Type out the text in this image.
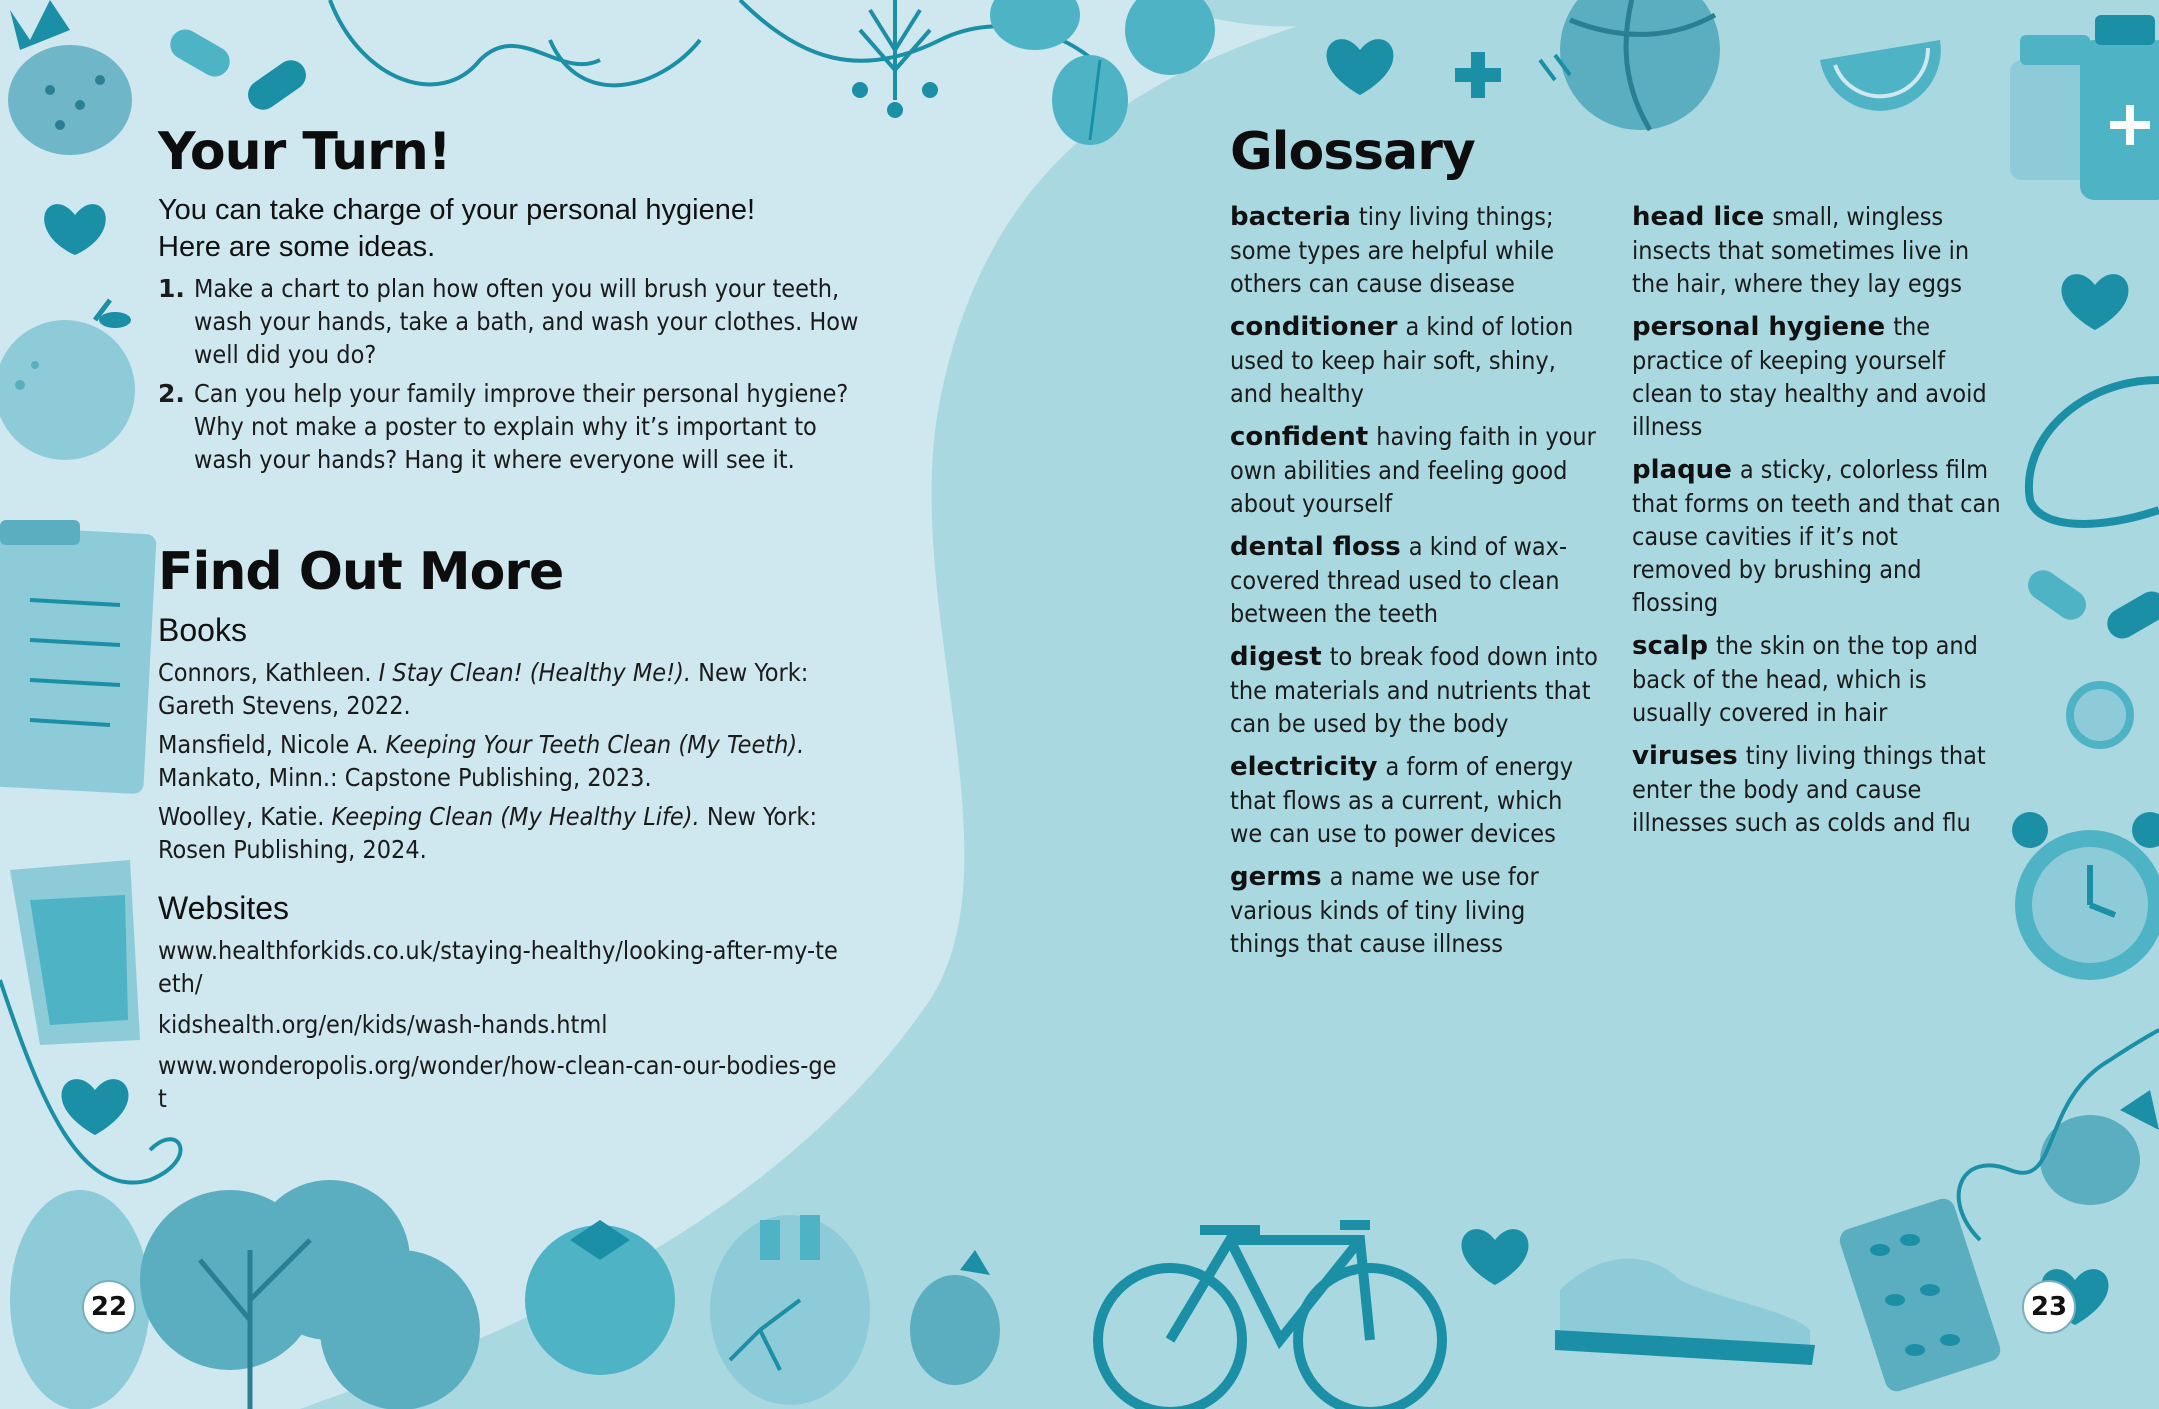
Your Turn!
You can take charge of your personal hygiene!
Here are some ideas.
1. Make a chart to plan how often you will brush your teeth, wash your hands, take a bath, and wash your clothes. How well did you do?
2. Can you help your family improve their personal hygiene? Why not make a poster to explain why it’s important to wash your hands? Hang it where everyone will see it.
Find Out More
Books
Connors, Kathleen. I Stay Clean! (Healthy Me!). New York: Gareth Stevens, 2022.
Mansfield, Nicole A. Keeping Your Teeth Clean (My Teeth). Mankato, Minn.: Capstone Publishing, 2023.
Woolley, Katie. Keeping Clean (My Healthy Life). New York: Rosen Publishing, 2024.
Websites
www.healthforkids.co.uk/staying-healthy/looking-after-my-teeth/
kidshealth.org/en/kids/wash-hands.html
www.wonderopolis.org/wonder/how-clean-can-our-bodies-get
22
Glossary
bacteria tiny living things; some types are helpful while others can cause disease
conditioner a kind of lotion used to keep hair soft, shiny, and healthy
confident having faith in your own abilities and feeling good about yourself
dental floss a kind of wax-covered thread used to clean between the teeth
digest to break food down into the materials and nutrients that can be used by the body
electricity a form of energy that flows as a current, which we can use to power devices
germs a name we use for various kinds of tiny living things that cause illness
head lice small, wingless insects that sometimes live in the hair, where they lay eggs
personal hygiene the practice of keeping yourself clean to stay healthy and avoid illness
plaque a sticky, colorless film that forms on teeth and that can cause cavities if it’s not removed by brushing and flossing
scalp the skin on the top and back of the head, which is usually covered in hair
viruses tiny living things that enter the body and cause illnesses such as colds and flu
23
